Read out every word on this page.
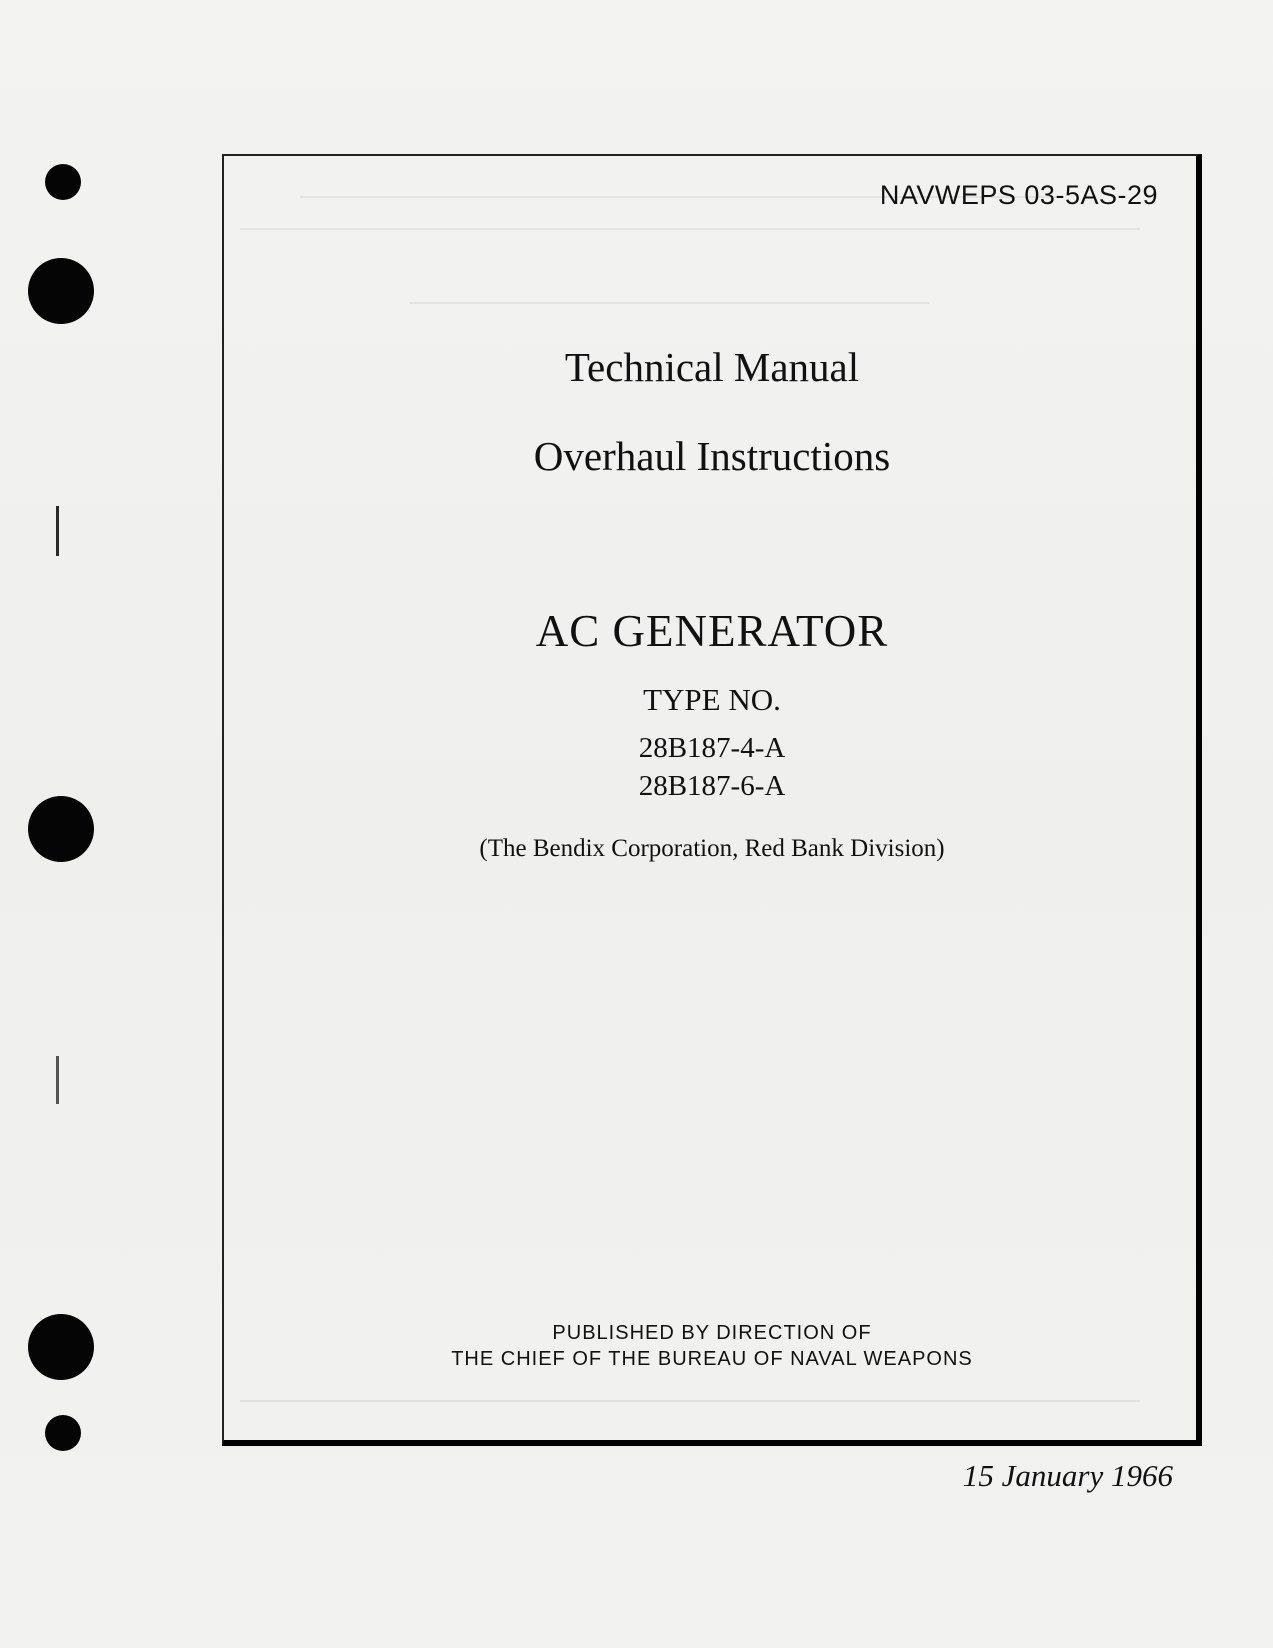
NAVWEPS 03-5AS-29
Technical Manual
Overhaul Instructions
AC GENERATOR
TYPE NO.
28B187-4-A
28B187-6-A
(The Bendix Corporation, Red Bank Division)
PUBLISHED BY DIRECTION OF
THE CHIEF OF THE BUREAU OF NAVAL WEAPONS
15 January 1966
